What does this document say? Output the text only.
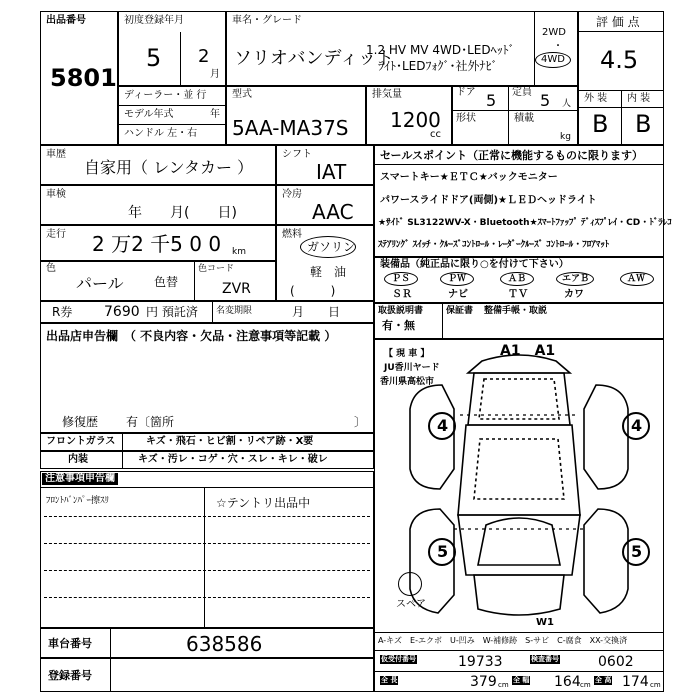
出品番号
5801
初度登録年月
5 2
月
車名・グレード
ソリオバンディット
1.2 HV MV 4WD･LEDﾍｯﾄﾞ
ﾗｲﾄ･LEDﾌｫｸﾞ･社外ﾅﾋﾞ
2WD
・
4WD
評 価 点
4.5
外 装 内 装
B B
ディーラー・並 行
モデル年式	年
ハンドル 左・右
型式
5AA-MA37S
排気量
1200
cc
ドア 5 定員 5 人
形状	積載
kg
車歴
自家用（ レンタカー ）
シフト
IAT
車検
年　　月(　　日)
冷房
AAC
走行 2 万2 千5 0 0 km
燃料
ガソリン
軽　油
(　　　)
色
パール	色替
色コード
ZVR
R券 7690 円 預託済 名変期限	月　　日
セールスポイント（正常に機能するものに限ります）
スマートキー★ＥＴＣ★バックモニター
パワースライドドア(両側)★ＬＥＤヘッドライト
★ｻｲﾄﾞ SL3122WV-X・Bluetooth★ｽﾏｰﾄﾌｧｯﾌﾟ ﾃﾞｨｽﾌﾟﾚｲ・CD・ﾄﾞﾗﾚｺ
ｽﾃｱﾘﾝｸﾞ ｽｲｯﾁ・ｸﾙｰｽﾞｺﾝﾄﾛｰﾙ・ﾚｰﾀﾞｰｸﾙｰｽﾞ ｺﾝﾄﾛｰﾙ・ﾌﾛｱﾏｯﾄ
装備品（純正品に限り○を付けて下さい）
ＰＳ
ＳＲ
ＰＷ
ナビ
ＡＢ
ＴＶ
エアＢ
カワ
ＡＷ
取扱説明書
有・無
保証書 整備手帳・取説
出品店申告欄　（ 不良内容・欠品・注意事項等記載 ）
修復歴 有〔箇所	〕
フロントガラス	キズ・飛石・ヒビ割・リペア跡・X要
内装	キズ・汚レ・コゲ・穴・スレ・キレ・破レ
注意事項申告欄
ﾌﾛﾝﾄﾊﾞﾝﾊﾟｰ擦ｽﾘ	☆テントリ出品中
車台番号	638586
登録番号
【 現 車 】
JU香川ヤード
香川県高松市
A1　A1
4	4
5	5
スペア
W1
A-キズ　E-エクボ　U-凹み　W-補修跡　S-サビ　C-腐食　XX-交換済
仮受付番号	19733	検査番号	0602
全 長	379 cm
全 幅 164 cm
全 高 174 cm
